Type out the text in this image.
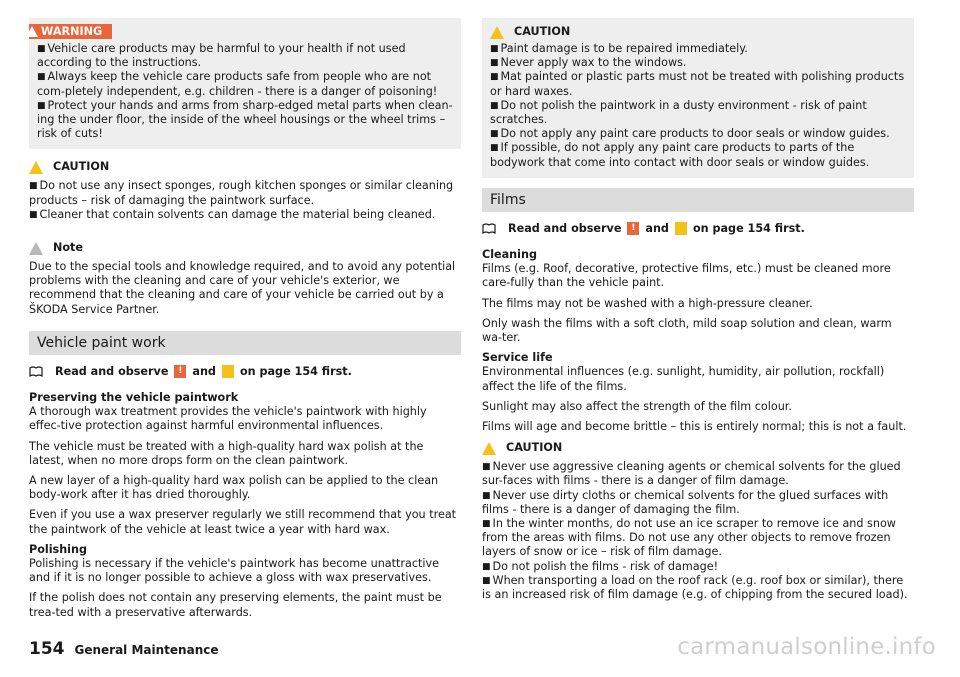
WARNING
■ Vehicle care products may be harmful to your health if not used according to the instructions.
■ Always keep the vehicle care products safe from people who are not com-pletely independent, e.g. children - there is a danger of poisoning!
■ Protect your hands and arms from sharp-edged metal parts when clean-ing the under floor, the inside of the wheel housings or the wheel trims – risk of cuts!
CAUTION
■ Do not use any insect sponges, rough kitchen sponges or similar cleaning products – risk of damaging the paintwork surface.
■ Cleaner that contain solvents can damage the material being cleaned.
Note

Due to the special tools and knowledge required, and to avoid any potential problems with the cleaning and care of your vehicle's exterior, we recommend that the cleaning and care of your vehicle be carried out by a ŠKODA Service Partner.

Vehicle paint work
Read and observe	! and on page 154 first.
Preserving the vehicle paintwork

A thorough wax treatment provides the vehicle's paintwork with highly effec-tive protection against harmful environmental influences.

The vehicle must be treated with a high-quality hard wax polish at the latest, when no more drops form on the clean paintwork.

A new layer of a high-quality hard wax polish can be applied to the clean body-work after it has dried thoroughly.

Even if you use a wax preserver regularly we still recommend that you treat the paintwork of the vehicle at least twice a year with hard wax.

Polishing

Polishing is necessary if the vehicle's paintwork has become unattractive and if it is no longer possible to achieve a gloss with wax preservatives.

If the polish does not contain any preserving elements, the paint must be trea-ted with a preservative afterwards.

CAUTION
■ Paint damage is to be repaired immediately.
■ Never apply wax to the windows.
■ Mat painted or plastic parts must not be treated with polishing products or hard waxes.
■ Do not polish the paintwork in a dusty environment - risk of paint scratches.
■ Do not apply any paint care products to door seals or window guides.
■ If possible, do not apply any paint care products to parts of the bodywork that come into contact with door seals or window guides.
Films
Read and observe	! and on page 154 first.
Cleaning

Films (e.g. Roof, decorative, protective films, etc.) must be cleaned more care-fully than the vehicle paint.

The films may not be washed with a high-pressure cleaner.

Only wash the films with a soft cloth, mild soap solution and clean, warm wa-ter.

Service life

Environmental influences (e.g. sunlight, humidity, air pollution, rockfall) affect the life of the films.

Sunlight may also affect the strength of the film colour.

Films will age and become brittle – this is entirely normal; this is not a fault.

CAUTION
■ Never use aggressive cleaning agents or chemical solvents for the glued sur-faces with films - there is a danger of film damage.
■ Never use dirty cloths or chemical solvents for the glued surfaces with films - there is a danger of damaging the film.
■ In the winter months, do not use an ice scraper to remove ice and snow from the areas with films. Do not use any other objects to remove frozen layers of snow or ice – risk of film damage.
■ Do not polish the films - risk of damage!
■ When transporting a load on the roof rack (e.g. roof box or similar), there is an increased risk of film damage (e.g. of chipping from the secured load).
154 General Maintenance	carmanualsonline.info
